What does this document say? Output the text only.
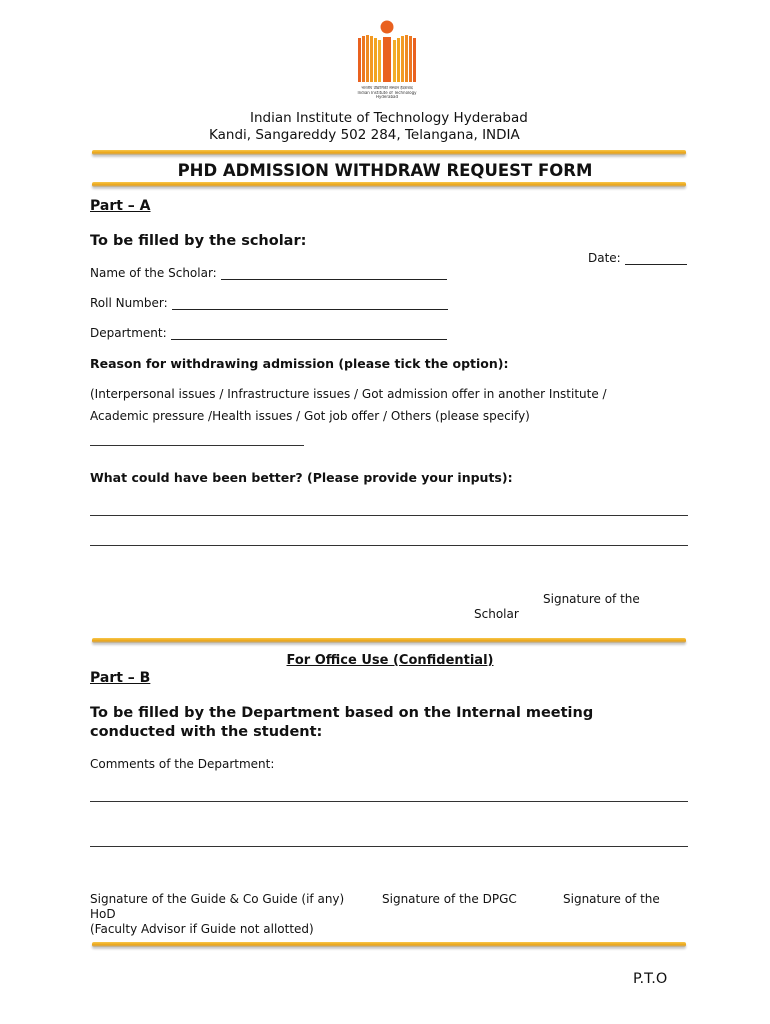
भारतीय प्रौद्योगिकी संस्थान हैदराबाद
Indian Institute of Technology
Hyderabad
Indian Institute of Technology Hyderabad
Kandi, Sangareddy 502 284, Telangana, INDIA
PHD ADMISSION WITHDRAW REQUEST FORM
Part – A
To be filled by the scholar:
Date:
Name of the Scholar:
Roll Number:
Department:
Reason for withdrawing admission (please tick the option):
(Interpersonal issues / Infrastructure issues / Got admission offer in another Institute /
Academic pressure /Health issues / Got job offer / Others (please specify)
What could have been better? (Please provide your inputs):
Signature of the
Scholar
For Office Use (Confidential)
Part – B
To be filled by the Department based on the Internal meeting
conducted with the student:
Comments of the Department:
Signature of the Guide & Co Guide (if any)	Signature of the DPGC	Signature of the
HoD
(Faculty Advisor if Guide not allotted)
P.T.O
